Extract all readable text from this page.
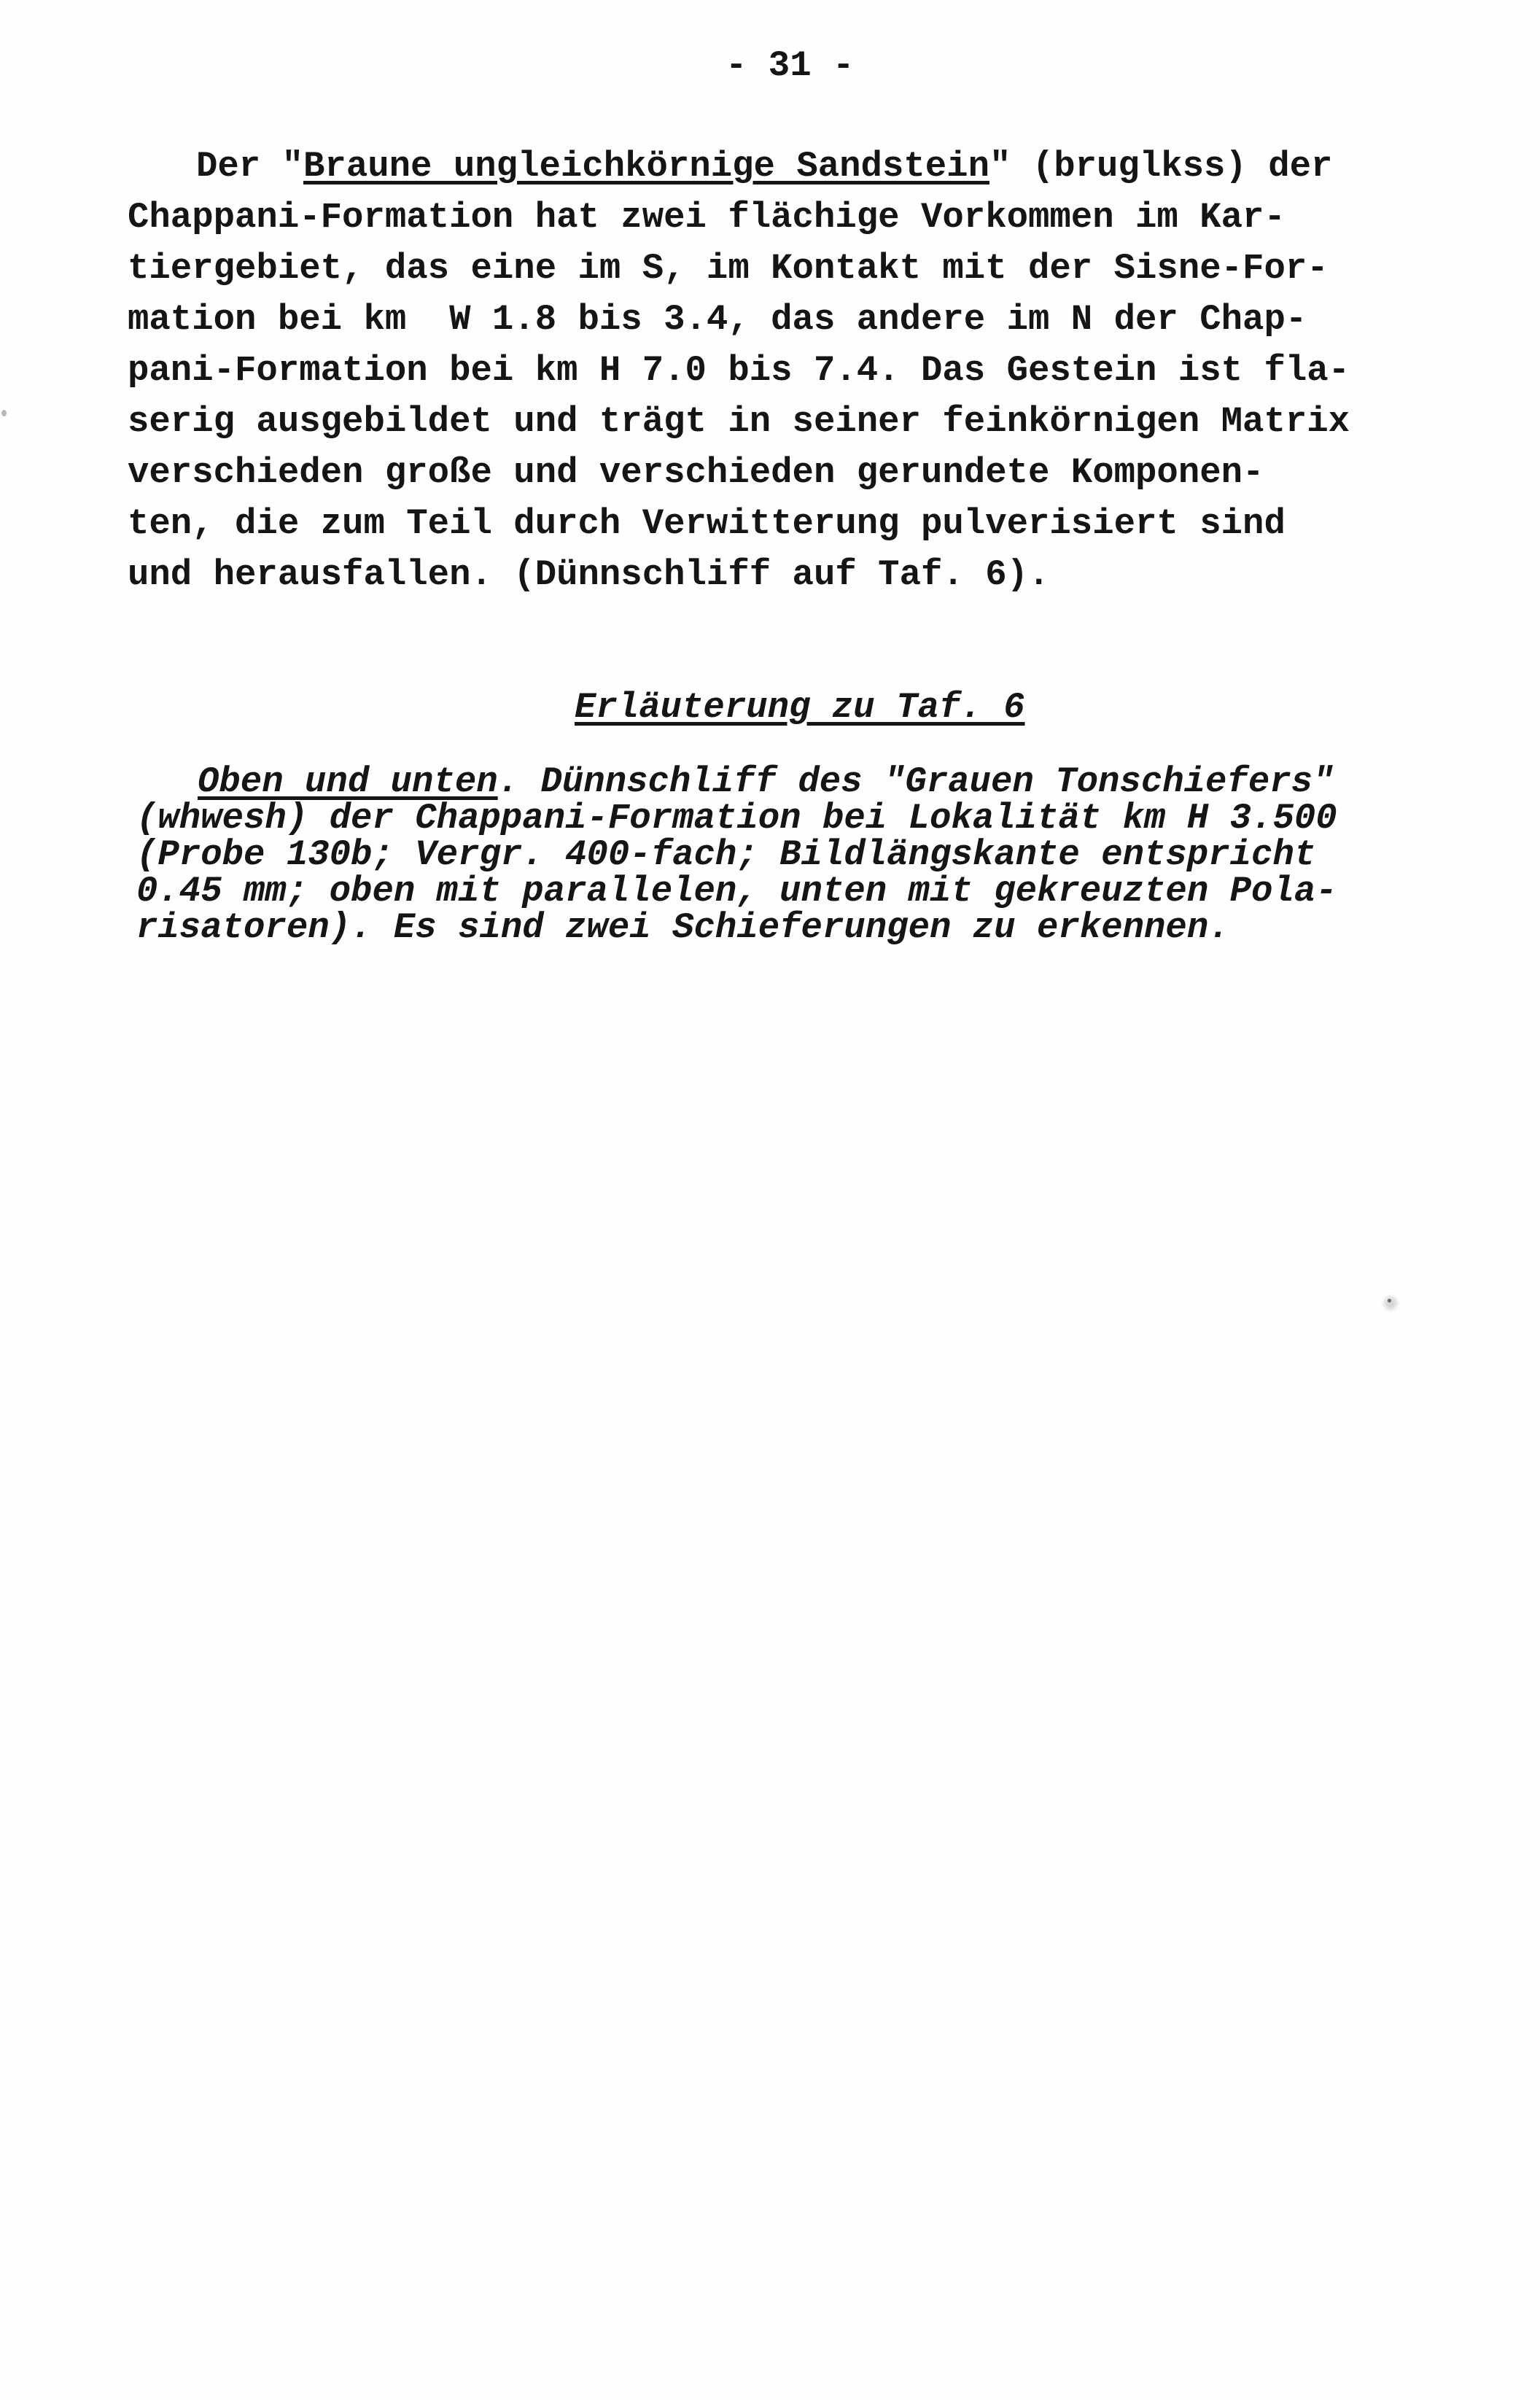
- 31 -
Der "Braune ungleichkörnige Sandstein" (bruglkss) der
Chappani-Formation hat zwei flächige Vorkommen im Kar-
tiergebiet, das eine im S, im Kontakt mit der Sisne-For-
mation bei km  W 1.8 bis 3.4, das andere im N der Chap-
pani-Formation bei km H 7.0 bis 7.4. Das Gestein ist fla-
serig ausgebildet und trägt in seiner feinkörnigen Matrix
verschieden große und verschieden gerundete Komponen-
ten, die zum Teil durch Verwitterung pulverisiert sind
und herausfallen. (Dünnschliff auf Taf. 6).
Erläuterung zu Taf. 6
Oben und unten. Dünnschliff des "Grauen Tonschiefers"
(whwesh) der Chappani-Formation bei Lokalität km H 3.500
(Probe 130b; Vergr. 400-fach; Bildlängskante entspricht
0.45 mm; oben mit parallelen, unten mit gekreuzten Pola-
risatoren). Es sind zwei Schieferungen zu erkennen.
